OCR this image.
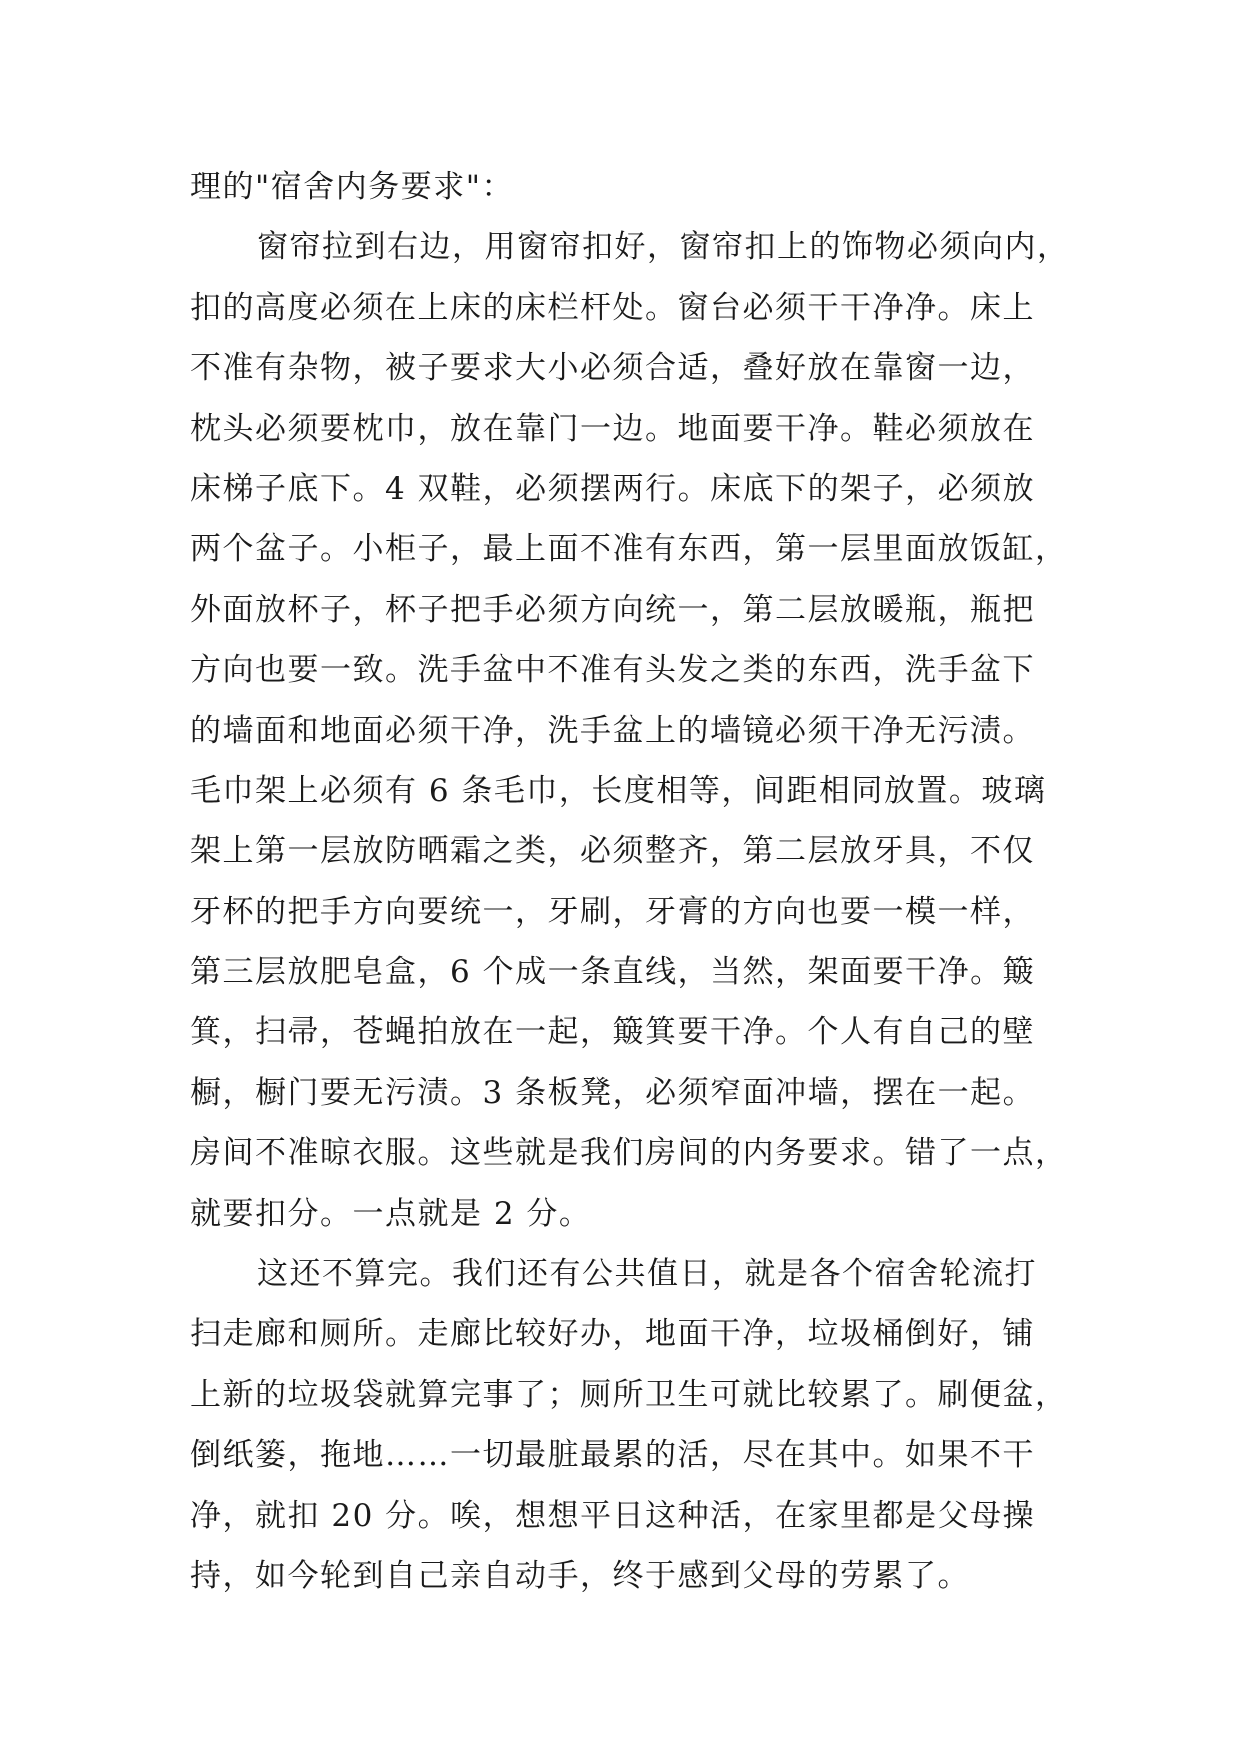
理的"宿舍内务要求"：
窗帘拉到右边，用窗帘扣好，窗帘扣上的饰物必须向内，
扣的高度必须在上床的床栏杆处。窗台必须干干净净。床上
不准有杂物，被子要求大小必须合适，叠好放在靠窗一边，
枕头必须要枕巾，放在靠门一边。地面要干净。鞋必须放在
床梯子底下。4 双鞋，必须摆两行。床底下的架子，必须放
两个盆子。小柜子，最上面不准有东西，第一层里面放饭缸，
外面放杯子，杯子把手必须方向统一，第二层放暖瓶，瓶把
方向也要一致。洗手盆中不准有头发之类的东西，洗手盆下
的墙面和地面必须干净，洗手盆上的墙镜必须干净无污渍。
毛巾架上必须有 6 条毛巾，长度相等，间距相同放置。玻璃
架上第一层放防晒霜之类，必须整齐，第二层放牙具，不仅
牙杯的把手方向要统一，牙刷，牙膏的方向也要一模一样，
第三层放肥皂盒，6 个成一条直线，当然，架面要干净。簸
箕，扫帚，苍蝇拍放在一起，簸箕要干净。个人有自己的壁
橱，橱门要无污渍。3 条板凳，必须窄面冲墙，摆在一起。
房间不准晾衣服。这些就是我们房间的内务要求。错了一点，
就要扣分。一点就是 2 分。
这还不算完。我们还有公共值日，就是各个宿舍轮流打
扫走廊和厕所。走廊比较好办，地面干净，垃圾桶倒好，铺
上新的垃圾袋就算完事了；厕所卫生可就比较累了。刷便盆，
倒纸篓，拖地……一切最脏最累的活，尽在其中。如果不干
净，就扣 20 分。唉，想想平日这种活，在家里都是父母操
持，如今轮到自己亲自动手，终于感到父母的劳累了。
